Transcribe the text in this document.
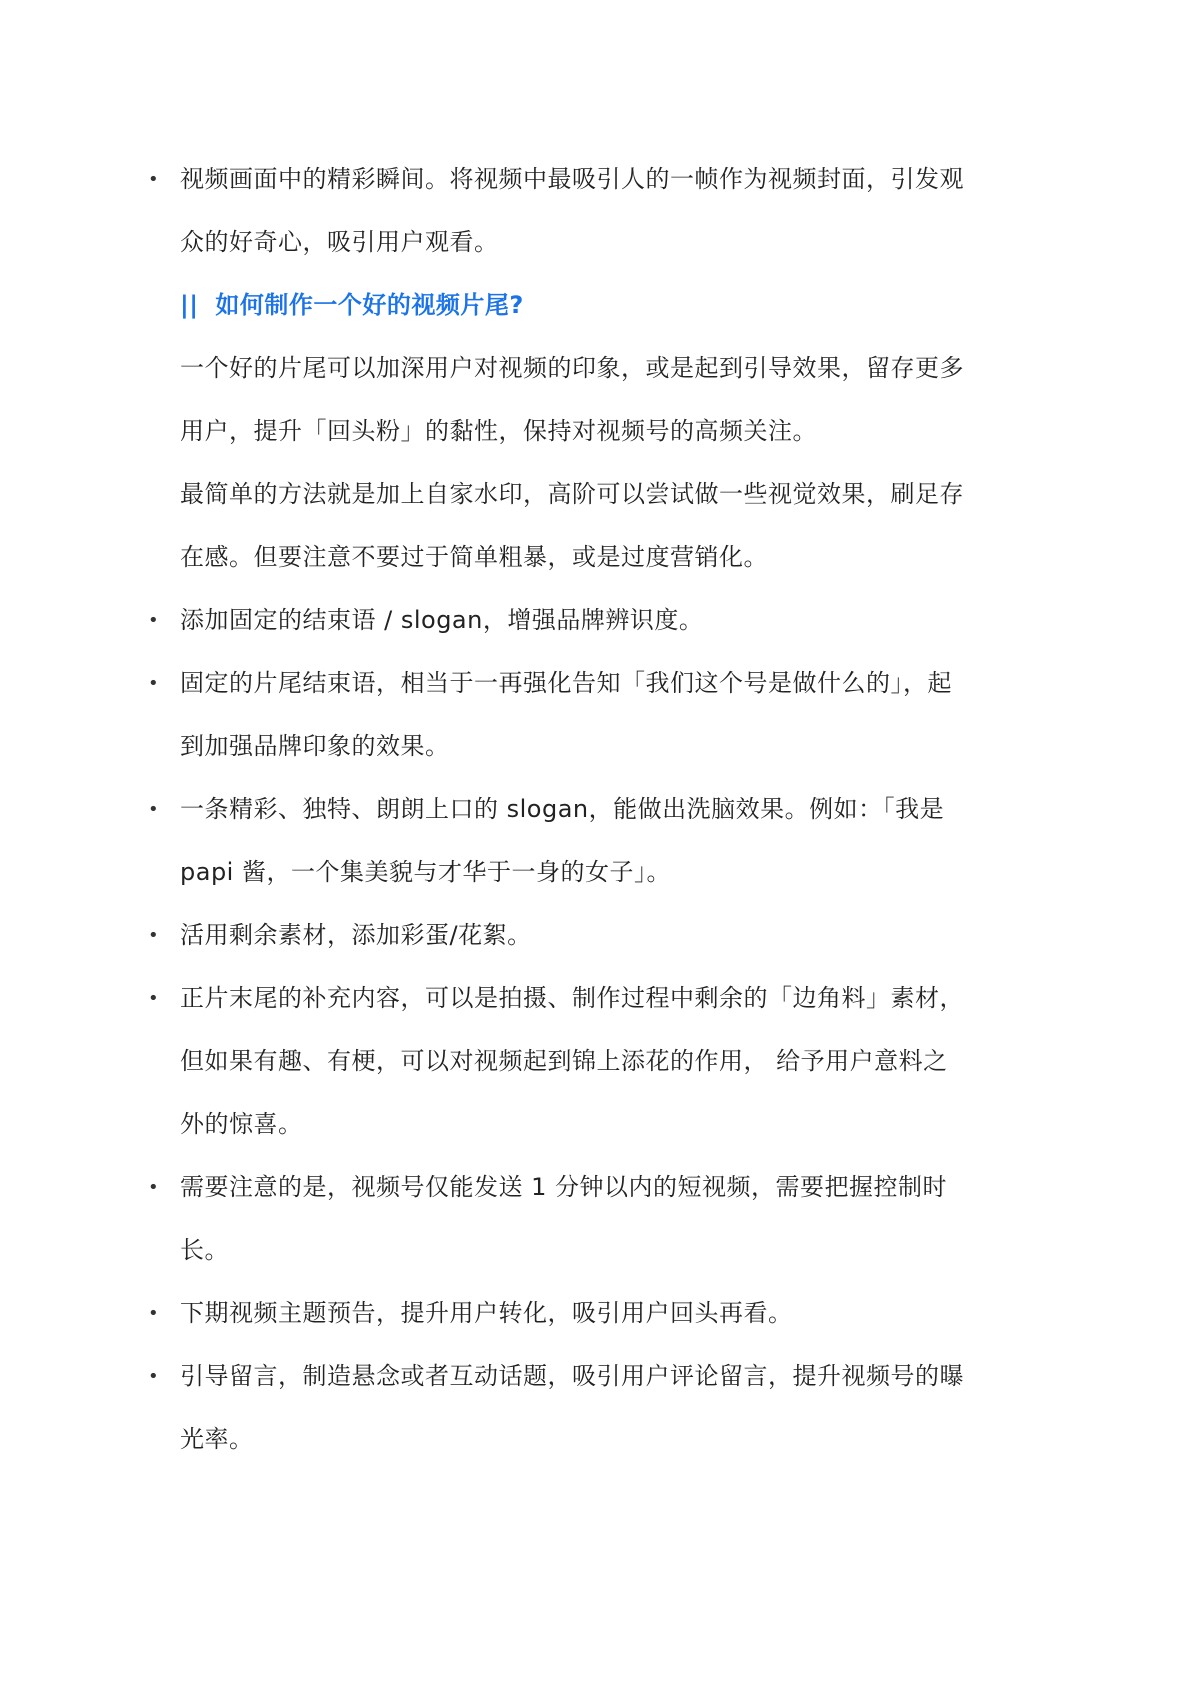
• 视频画面中的精彩瞬间。将视频中最吸引人的一帧作为视频封面，引发观
众的好奇心，吸引用户观看。
|| 如何制作一个好的视频片尾?
一个好的片尾可以加深用户对视频的印象，或是起到引导效果，留存更多
用户，提升「回头粉」的黏性，保持对视频号的高频关注。
最简单的方法就是加上自家水印，高阶可以尝试做一些视觉效果，刷足存
在感。但要注意不要过于简单粗暴，或是过度营销化。
• 添加固定的结束语 / slogan，增强品牌辨识度。
• 固定的片尾结束语，相当于一再强化告知「我们这个号是做什么的」，起
到加强品牌印象的效果。
• 一条精彩、独特、朗朗上口的 slogan，能做出洗脑效果。例如：「我是
papi 酱，一个集美貌与才华于一身的女子」。
• 活用剩余素材，添加彩蛋/花絮。
• 正片末尾的补充内容，可以是拍摄、制作过程中剩余的「边角料」素材，
但如果有趣、有梗，可以对视频起到锦上添花的作用， 给予用户意料之
外的惊喜。
• 需要注意的是，视频号仅能发送 1 分钟以内的短视频，需要把握控制时
长。
• 下期视频主题预告，提升用户转化，吸引用户回头再看。
• 引导留言，制造悬念或者互动话题，吸引用户评论留言，提升视频号的曝
光率。
